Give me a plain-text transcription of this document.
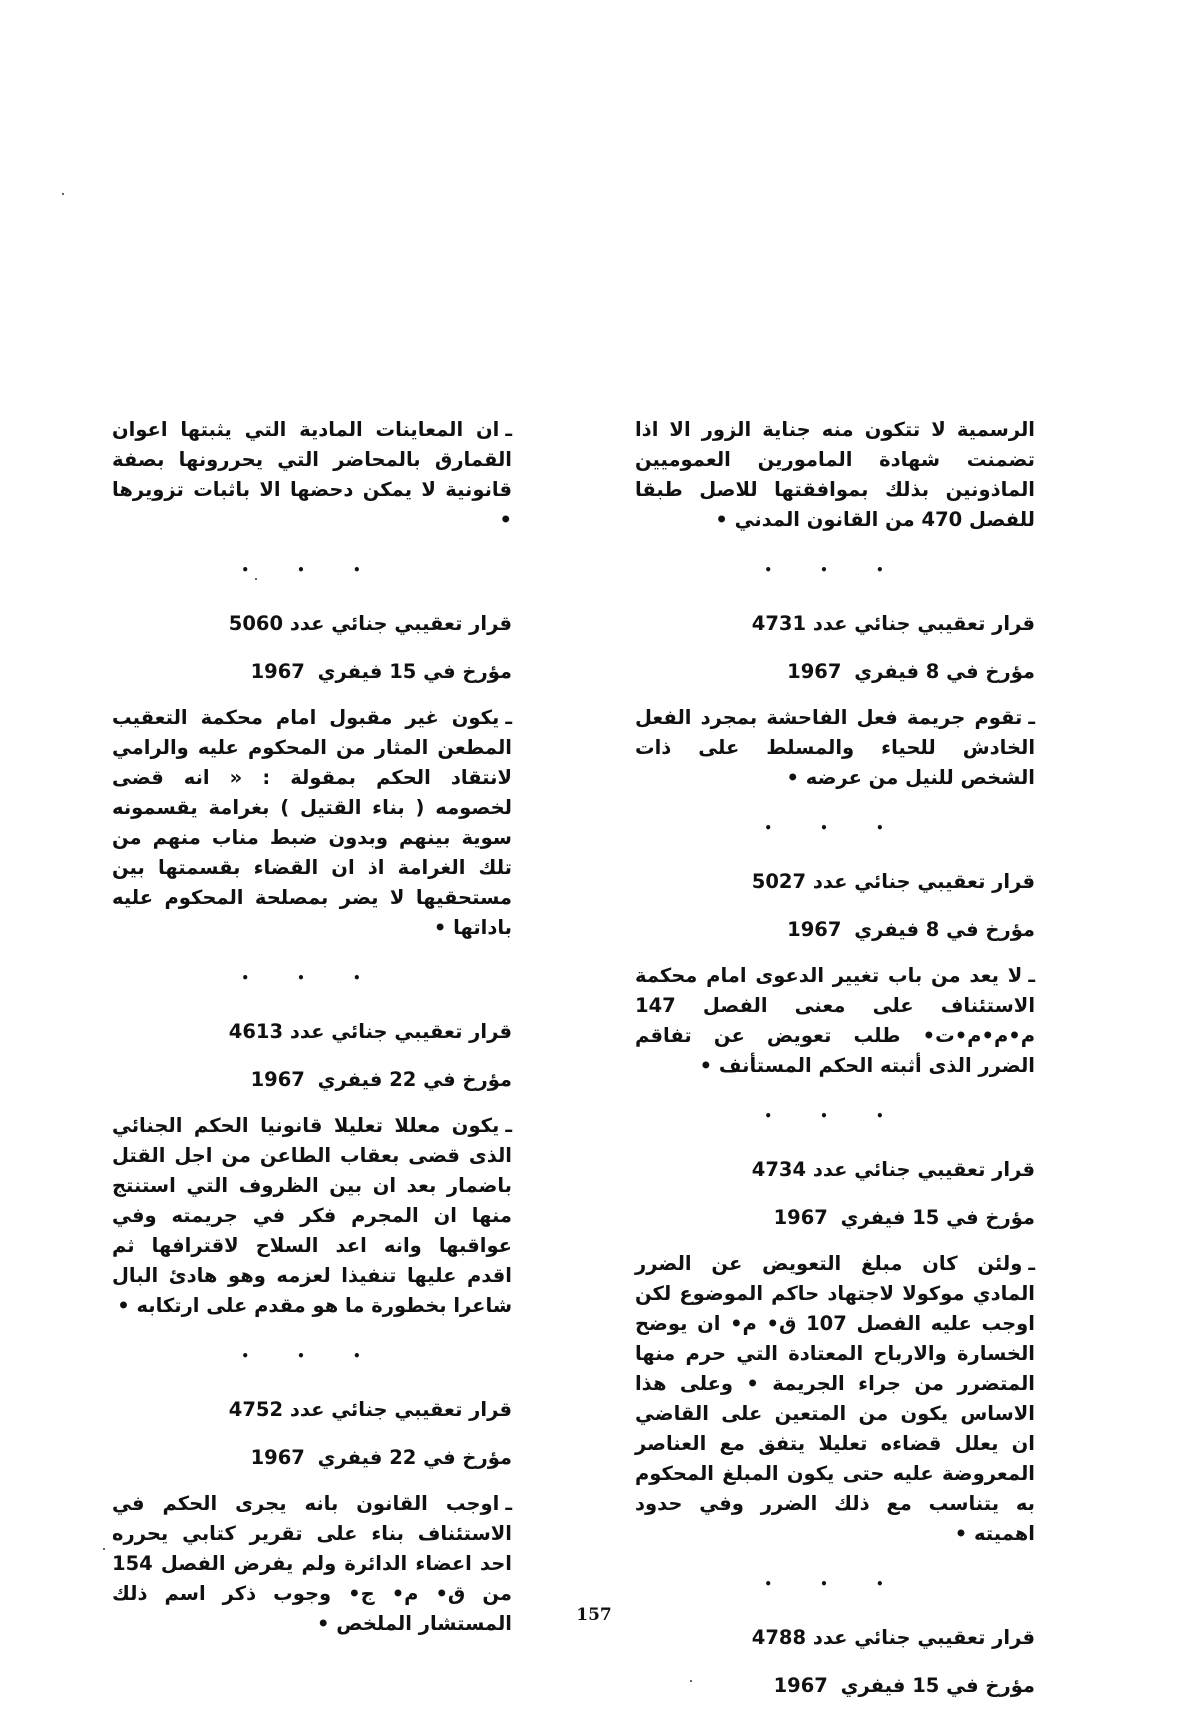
الرسمية لا تتكون منه جناية الزور الا اذا تضمنت شهادة المامورين العموميين الماذونين بذلك بموافقتها للاصل طبقا للفصل 470 من القانون المدني •

• • •
قرار تعقيبي جنائي عدد 4731
مؤرخ في 8 فيفري 1967

ـتقوم جريمة فعل الفاحشة بمجرد الفعل الخادش للحياء والمسلط على ذات الشخص للنيل من عرضه •

• • •
قرار تعقيبي جنائي عدد 5027
مؤرخ في 8 فيفري 1967

ـلا يعد من باب تغيير الدعوى امام محكمة الاستئناف على معنى الفصل 147 م•م•م•ت• طلب تعويض عن تفاقم الضرر الذى أثبته الحكم المستأنف •

• • •
قرار تعقيبي جنائي عدد 4734
مؤرخ في 15 فيفري 1967

ـولئن كان مبلغ التعويض عن الضرر المادي موكولا لاجتهاد حاكم الموضوع لكن اوجب عليه الفصل 107 ق• م• ان يوضح الخسارة والارباح المعتادة التي حرم منها المتضرر من جراء الجريمة • وعلى هذا الاساس يكون من المتعين على القاضي ان يعلل قضاءه تعليلا يتفق مع العناصر المعروضة عليه حتى يكون المبلغ المحكوم به يتناسب مع ذلك الضرر وفي حدود اهميته •

• • •
قرار تعقيبي جنائي عدد 4788
مؤرخ في 15 فيفري 1967

ـان المعاينات المادية التي يثبتها اعوان القمارق بالمحاضر التي يحررونها بصفة قانونية لا يمكن دحضها الا باثبات تزويرها •

• • •
قرار تعقيبي جنائي عدد 5060
مؤرخ في 15 فيفري 1967

ـيكون غير مقبول امام محكمة التعقيب المطعن المثار من المحكوم عليه والرامي لانتقاد الحكم بمقولة : « انه قضى لخصومه ( بناء القتيل ) بغرامة يقسمونه سوية بينهم وبدون ضبط مناب منهم من تلك الغرامة اذ ان القضاء بقسمتها بين مستحقيها لا يضر بمصلحة المحكوم عليه باداتها •

• • •
قرار تعقيبي جنائي عدد 4613
مؤرخ في 22 فيفري 1967

ـيكون معللا تعليلا قانونيا الحكم الجنائي الذى قضى بعقاب الطاعن من اجل القتل باضمار بعد ان بين الظروف التي استنتج منها ان المجرم فكر في جريمته وفي عواقبها وانه اعد السلاح لاقترافها ثم اقدم عليها تنفيذا لعزمه وهو هادئ البال شاعرا بخطورة ما هو مقدم على ارتكابه •

• • •
قرار تعقيبي جنائي عدد 4752
مؤرخ في 22 فيفري 1967

ـاوجب القانون بانه يجرى الحكم في الاستئناف بناء على تقرير كتابي يحرره احد اعضاء الدائرة ولم يفرض الفصل 154 من ق• م• ج• وجوب ذكر اسم ذلك المستشار الملخص •	157
